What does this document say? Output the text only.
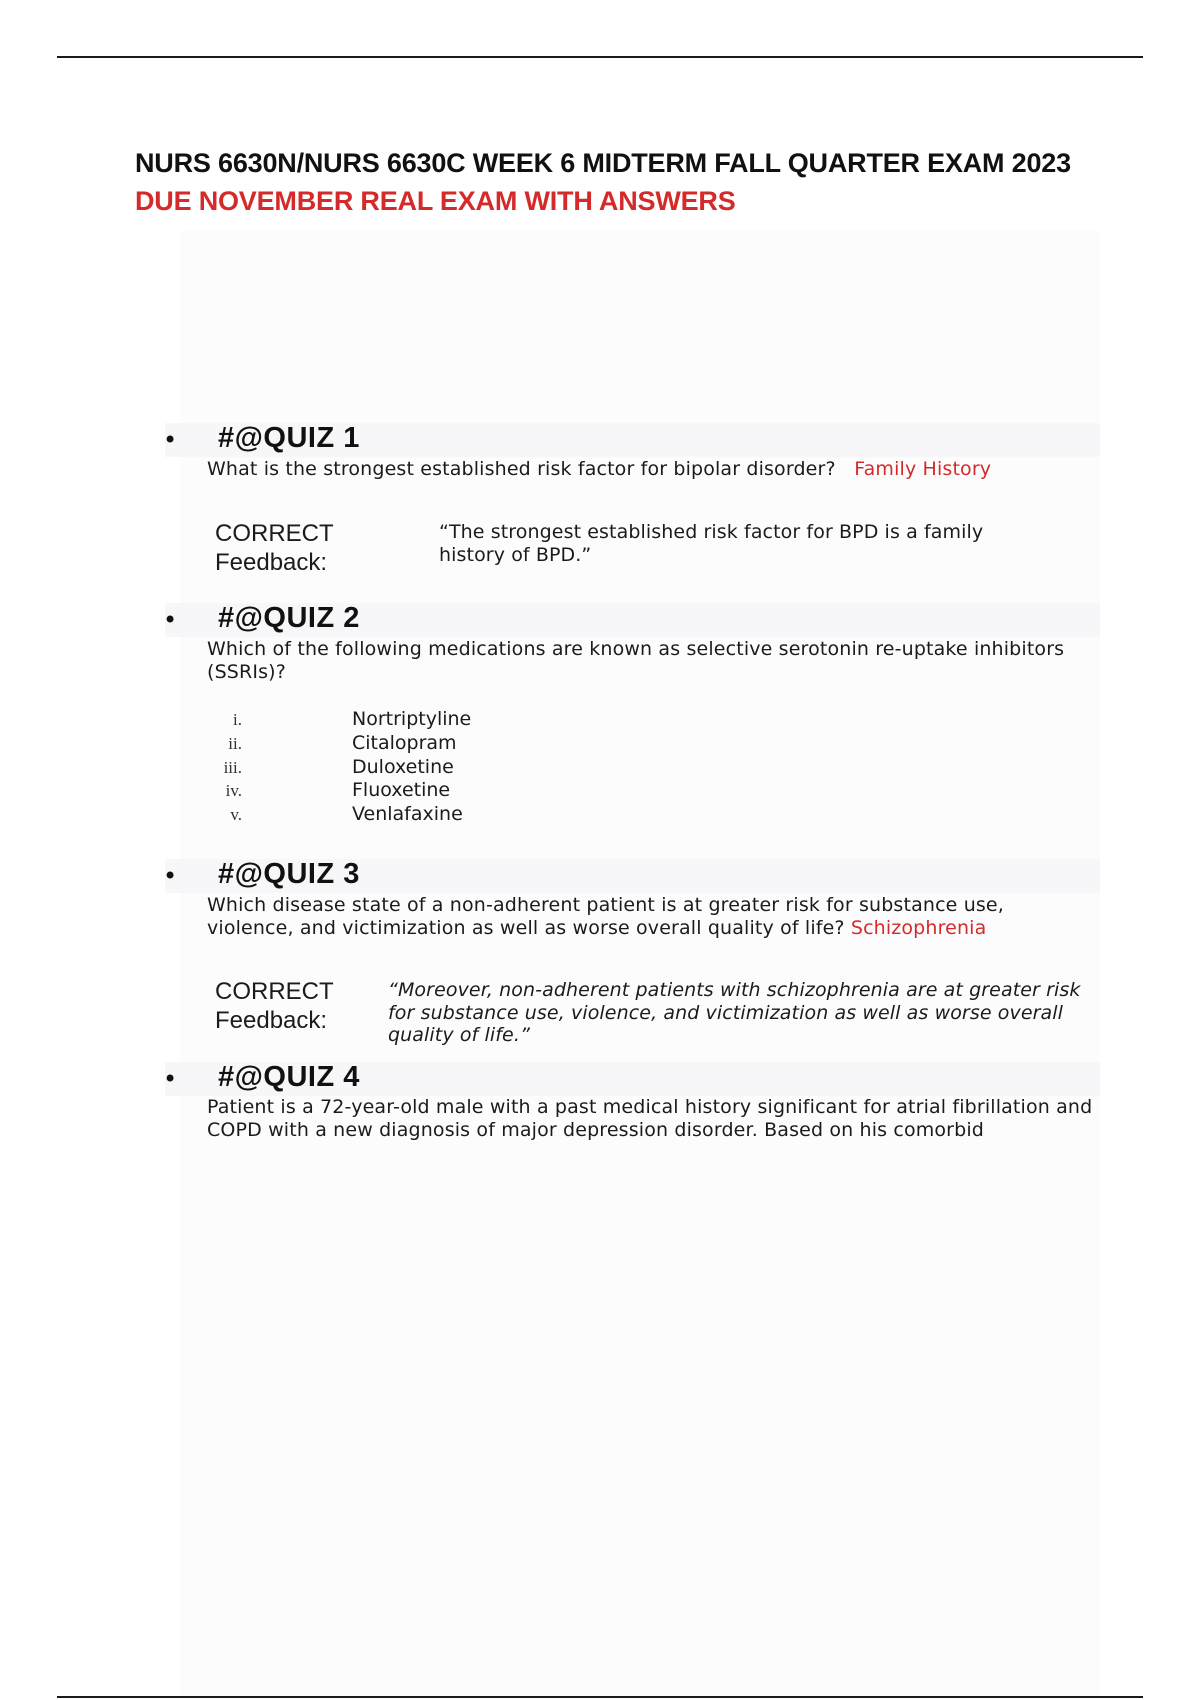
NURS 6630N/NURS 6630C WEEK 6 MIDTERM FALL QUARTER EXAM 2023
DUE NOVEMBER REAL EXAM WITH ANSWERS
• #@QUIZ 1
What is the strongest established risk factor for bipolar disorder? Family History
CORRECT
Feedback:
“The strongest established risk factor for BPD is a family history of BPD.”
• #@QUIZ 2
Which of the following medications are known as selective serotonin re-uptake inhibitors (SSRIs)?
i.	Nortriptyline
ii.	Citalopram
iii.	Duloxetine
iv.	Fluoxetine
v.	Venlafaxine
• #@QUIZ 3
Which disease state of a non-adherent patient is at greater risk for substance use, violence, and victimization as well as worse overall quality of life? Schizophrenia
CORRECT
Feedback:
“Moreover, non-adherent patients with schizophrenia are at greater risk for substance use, violence, and victimization as well as worse overall quality of life.”
• #@QUIZ 4
Patient is a 72-year-old male with a past medical history significant for atrial fibrillation and COPD with a new diagnosis of major depression disorder. Based on his comorbid
